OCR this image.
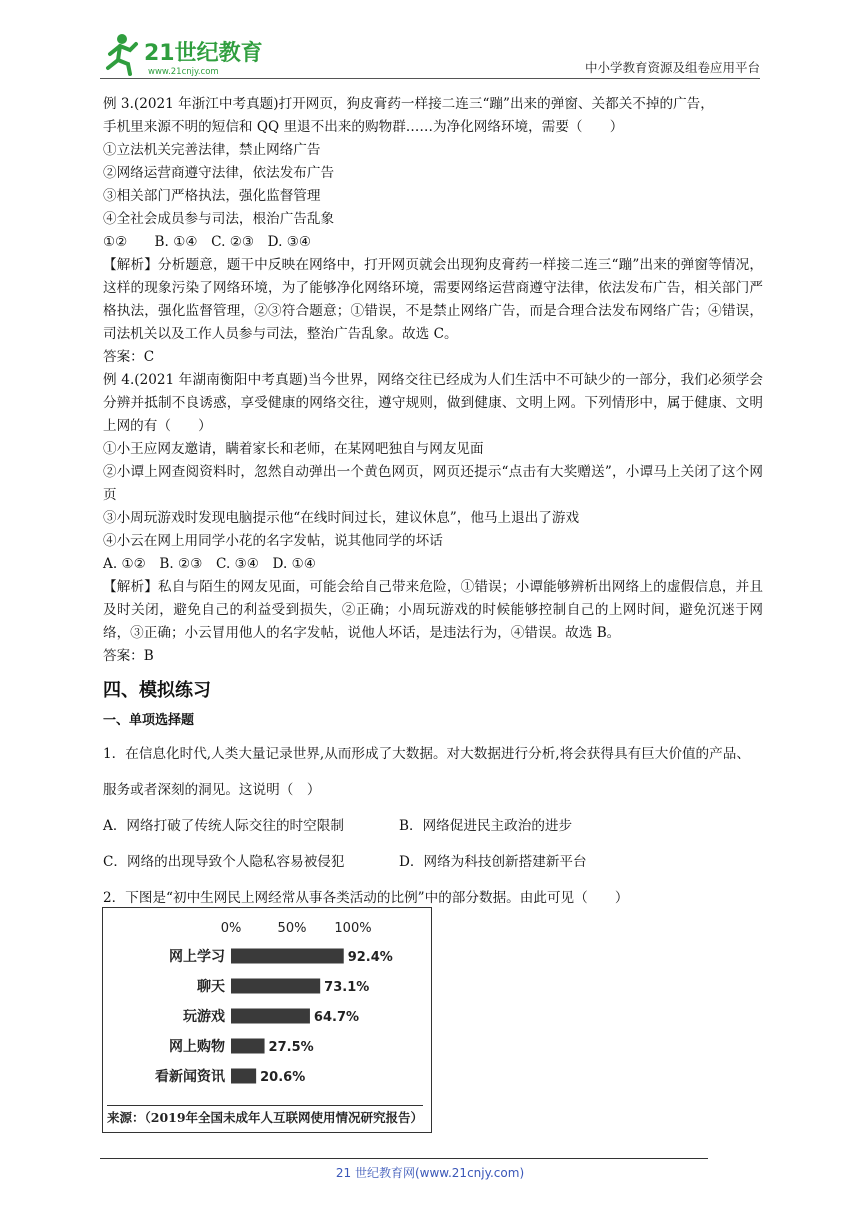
21世纪教育
www.21cnjy.com	中小学教育资源及组卷应用平台

例 3.(2021 年浙江中考真题)打开网页，狗皮膏药一样接二连三“蹦”出来的弹窗、关都关不掉的广告，

手机里来源不明的短信和 QQ 里退不出来的购物群……为净化网络环境，需要（　　）

①立法机关完善法律，禁止网络广告

②网络运营商遵守法律，依法发布广告

③相关部门严格执法，强化监督管理

④全社会成员参与司法，根治广告乱象

①②　　B. ①④　C. ②③　D. ③④

【解析】分析题意，题干中反映在网络中，打开网页就会出现狗皮膏药一样接二连三“蹦”出来的弹窗等情况，这样的现象污染了网络环境，为了能够净化网络环境，需要网络运营商遵守法律，依法发布广告，相关部门严格执法，强化监督管理，②③符合题意；①错误，不是禁止网络广告，而是合理合法发布网络广告；④错误，司法机关以及工作人员参与司法，整治广告乱象。故选 C。

答案：C

例 4.(2021 年湖南衡阳中考真题)当今世界，网络交往已经成为人们生活中不可缺少的一部分，我们必须学会分辨并抵制不良诱惑，享受健康的网络交往，遵守规则，做到健康、文明上网。下列情形中，属于健康、文明上网的有（　　）

①小王应网友邀请，瞒着家长和老师，在某网吧独自与网友见面

②小谭上网查阅资料时，忽然自动弹出一个黄色网页，网页还提示“点击有大奖赠送”，小谭马上关闭了这个网页

③小周玩游戏时发现电脑提示他“在线时间过长，建议休息”，他马上退出了游戏

④小云在网上用同学小花的名字发帖，说其他同学的坏话

A. ①②　B. ②③　C. ③④　D. ①④

【解析】私自与陌生的网友见面，可能会给自己带来危险，①错误；小谭能够辨析出网络上的虚假信息，并且及时关闭，避免自己的利益受到损失，②正确；小周玩游戏的时候能够控制自己的上网时间，避免沉迷于网络，③正确；小云冒用他人的名字发帖，说他人坏话，是违法行为，④错误。故选 B。

答案：B

四、模拟练习
一、单项选择题

1．在信息化时代,人类大量记录世界,从而形成了大数据。对大数据进行分析,将会获得具有巨大价值的产品、服务或者深刻的洞见。这说明（　）

A．网络打破了传统人际交往的时空限制	B．网络促进民主政治的进步
C．网络的出现导致个人隐私容易被侵犯	D．网络为科技创新搭建新平台

2．下图是“初中生网民上网经常从事各类活动的比例”中的部分数据。由此可见（　　）

0%	50% 100%
网上学习	92.4%
聊天	73.1%
玩游戏	64.7%
网上购物	27.5%
看新闻资讯	20.6%
来源：（2019年全国未成年人互联网使用情况研究报告）
21 世纪教育网(www.21cnjy.com)
